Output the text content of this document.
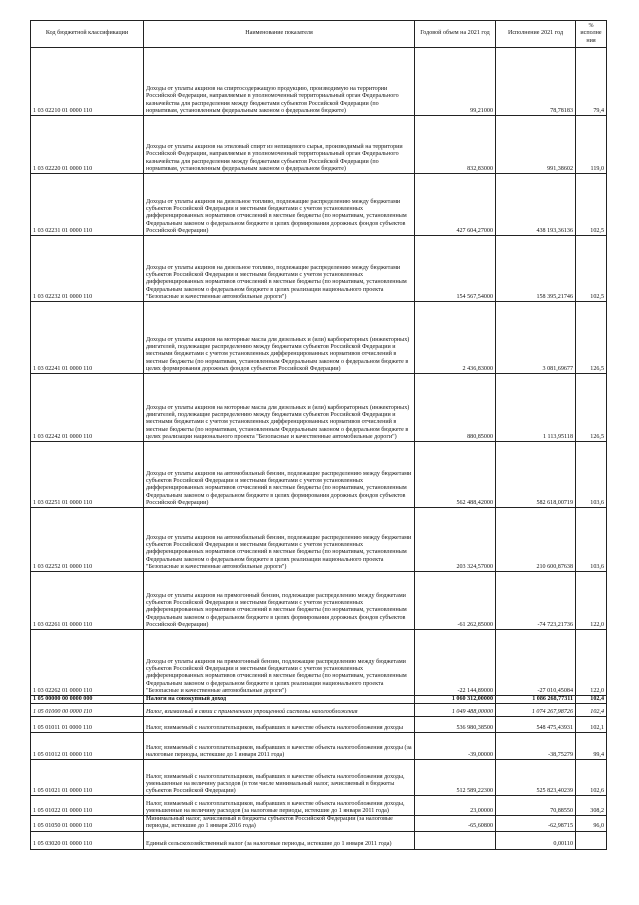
Код бюджетной классификации	Наименование показателя	Годовой объем на 2021 год	Исполнение 2021 год	% исполне ния
1 03 02210 01 0000 110	Доходы от уплаты акцизов на спиртосодержащую продукцию, производимую на территории Российской Федерации, направляемые в уполномоченный территориальный орган Федерального казначейства для распределения между бюджетами субъектов Российской Федерации (по нормативам, установленным федеральным законом о федеральном бюджете)	99,21000	78,78183	79,4
1 03 02220 01 0000 110	Доходы от уплаты акцизов на этиловый спирт из непищевого сырья, производимый на территории Российской Федерации, направляемые в уполномоченный территориальный орган Федерального казначейства для распределения между бюджетами субъектов Российской Федерации (по нормативам, установленным федеральным законом о федеральном бюджете)	832,83000	991,38602	119,0
1 03 02231 01 0000 110	Доходы от уплаты акцизов на дизельное топливо, подлежащие распределению между бюджетами субъектов Российской Федерации и местными бюджетами с учетом установленных дифференцированных нормативов отчислений в местные бюджеты (по нормативам, установленным Федеральным законом о федеральном бюджете в целях формирования дорожных фондов субъектов Российской Федерации)	427 604,27000	438 193,36136	102,5
1 03 02232 01 0000 110	Доходы от уплаты акцизов на дизельное топливо, подлежащие распределению между бюджетами субъектов Российской Федерации и местными бюджетами с учетом установленных дифференцированных нормативов отчислений в местные бюджеты (по нормативам, установленным Федеральным законом о федеральном бюджете в целях реализации национального проекта "Безопасные и качественные автомобильные дороги")	154 567,54000	158 395,21746	102,5
1 03 02241 01 0000 110	Доходы от уплаты акцизов на моторные масла для дизельных и (или) карбюраторных (инжекторных) двигателей, подлежащие распределению между бюджетами субъектов Российской Федерации и местными бюджетами с учетом установленных дифференцированных нормативов отчислений в местные бюджеты (по нормативам, установленным Федеральным законом о федеральном бюджете в целях формирования дорожных фондов субъектов Российской Федерации)	2 436,83000	3 081,69677	126,5
1 03 02242 01 0000 110	Доходы от уплаты акцизов на моторные масла для дизельных и (или) карбюраторных (инжекторных) двигателей, подлежащие распределению между бюджетами субъектов Российской Федерации и местными бюджетами с учетом установленных дифференцированных нормативов отчислений в местные бюджеты (по нормативам, установленным Федеральным законом о федеральном бюджете в целях реализации национального проекта "Безопасные и качественные автомобильные дороги")	880,85000	1 113,95118	126,5
1 03 02251 01 0000 110	Доходы от уплаты акцизов на автомобильный бензин, подлежащие распределению между бюджетами субъектов Российской Федерации и местными бюджетами с учетом установленных дифференцированных нормативов отчислений в местные бюджеты (по нормативам, установленным Федеральным законом о федеральном бюджете в целях формирования дорожных фондов субъектов Российской Федерации)	562 488,42000	582 618,00719	103,6
1 03 02252 01 0000 110	Доходы от уплаты акцизов на автомобильный бензин, подлежащие распределению между бюджетами субъектов Российской Федерации и местными бюджетами с учетом установленных дифференцированных нормативов отчислений в местные бюджеты (по нормативам, установленным Федеральным законом о федеральном бюджете в целях реализации национального проекта "Безопасные и качественные автомобильные дороги")	203 324,57000	210 600,87638	103,6
1 03 02261 01 0000 110	Доходы от уплаты акцизов на прямогонный бензин, подлежащие распределению между бюджетами субъектов Российской Федерации и местными бюджетами с учетом установленных дифференцированных нормативов отчислений в местные бюджеты (по нормативам, установленным Федеральным законом о федеральном бюджете в целях формирования дорожных фондов субъектов Российской Федерации)	-61 262,85000	-74 723,21736	122,0
1 03 02262 01 0000 110	Доходы от уплаты акцизов на прямогонный бензин, подлежащие распределению между бюджетами субъектов Российской Федерации и местными бюджетами с учетом установленных дифференцированных нормативов отчислений в местные бюджеты (по нормативам, установленным Федеральным законом о федеральном бюджете в целях реализации национального проекта "Безопасные и качественные автомобильные дороги")	-22 144,89000	-27 010,45084	122,0
1 05 00000 00 0000 000	Налоги на совокупный доход	1 060 312,00000	1 086 268,77311	102,4
1 05 01000 00 0000 110	Налог, взимаемый в связи с применением упрощенной системы налогообложения	1 049 488,00000	1 074 267,98726	102,4
1 05 01011 01 0000 110	Налог, взимаемый с налогоплательщиков, выбравших в качестве объекта налогообложения доходы	536 980,38500	548 475,43931	102,1
1 05 01012 01 0000 110	Налог, взимаемый с налогоплательщиков, выбравших в качестве объекта налогообложения доходы (за налоговые периоды, истекшие до 1 января 2011 года)	-39,00000	-38,75279	99,4
1 05 01021 01 0000 110	Налог, взимаемый с налогоплательщиков, выбравших в качестве объекта налогообложения доходы, уменьшенные на величину расходов (в том числе минимальный налог, зачисляемый в бюджеты субъектов Российской Федерации)	512 589,22300	525 823,40239	102,6
1 05 01022 01 0000 110	Налог, взимаемый с налогоплательщиков, выбравших в качестве объекта налогообложения доходы, уменьшенные на величину расходов (за налоговые периоды, истекшие до 1 января 2011 года)	23,00000	70,88550	308,2
1 05 01050 01 0000 110	Минимальный налог, зачисляемый в бюджеты субъектов Российской Федерации (за налоговые периоды, истекшие до 1 января 2016 года)	-65,60800	-62,98715	96,0
1 05 03020 01 0000 110	Единый сельскохозяйственный налог (за налоговые периоды, истекшие до 1 января 2011 года)		0,00110	
